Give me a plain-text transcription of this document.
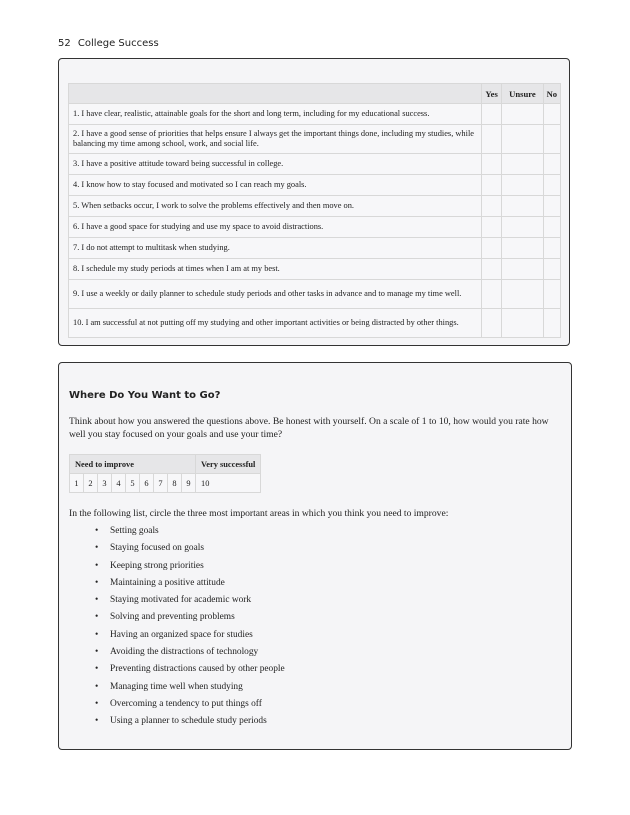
52 College Success
	Yes	Unsure	No
1. I have clear, realistic, attainable goals for the short and long term, including for my educational success.			
2. I have a good sense of priorities that helps ensure I always get the important things done, including my studies, while balancing my time among school, work, and social life.			
3. I have a positive attitude toward being successful in college.			
4. I know how to stay focused and motivated so I can reach my goals.			
5. When setbacks occur, I work to solve the problems effectively and then move on.			
6. I have a good space for studying and use my space to avoid distractions.			
7. I do not attempt to multitask when studying.			
8. I schedule my study periods at times when I am at my best.			
9. I use a weekly or daily planner to schedule study periods and other tasks in advance and to manage my time well.			
10. I am successful at not putting off my studying and other important activities or being distracted by other things.			
Where Do You Want to Go?

Think about how you answered the questions above. Be honest with yourself. On a scale of 1 to 10, how would you rate how well you stay focused on your goals and use your time?

Need to improve									Very successful
1	2	3	4	5	6	7	8	9	10

In the following list, circle the three most important areas in which you think you need to improve:

• Setting goals
• Staying focused on goals
• Keeping strong priorities
• Maintaining a positive attitude
• Staying motivated for academic work
• Solving and preventing problems
• Having an organized space for studies
• Avoiding the distractions of technology
• Preventing distractions caused by other people
• Managing time well when studying
• Overcoming a tendency to put things off
• Using a planner to schedule study periods
